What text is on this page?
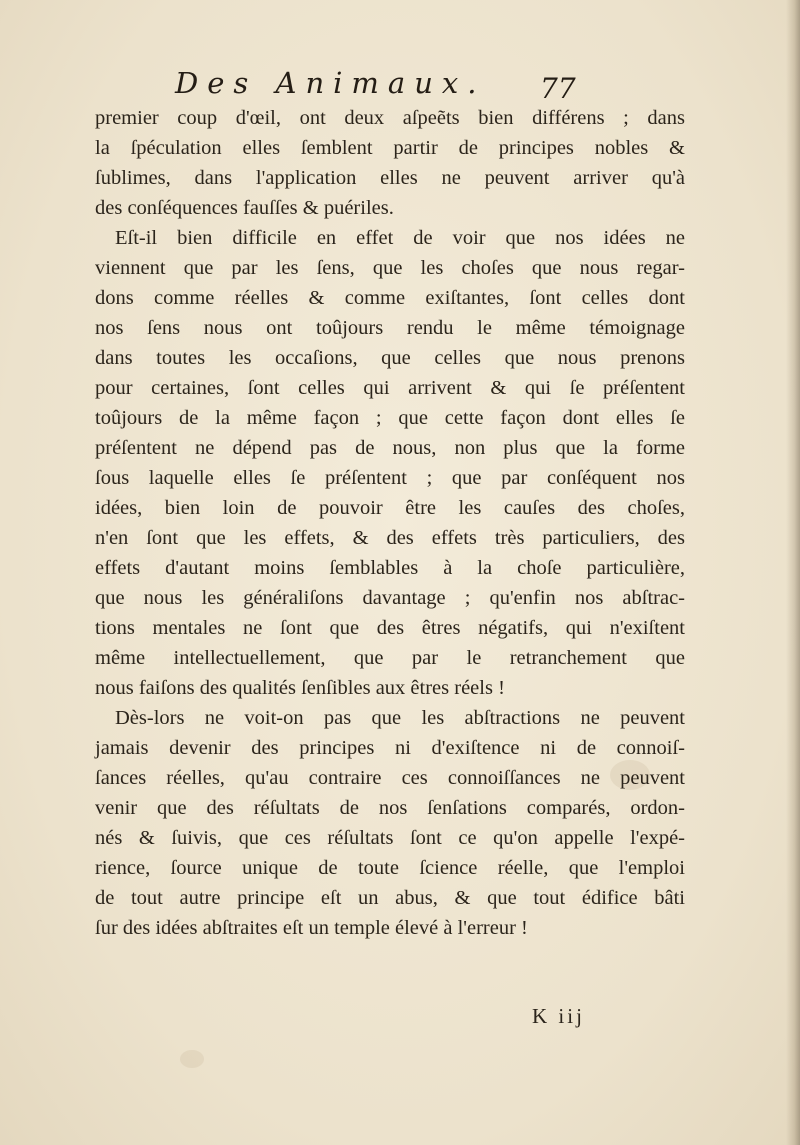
Des Animaux. 77
premier coup d'œil, ont deux aſpeẽts bien différens ; dans
la ſpéculation elles ſemblent partir de principes nobles &
ſublimes, dans l'application elles ne peuvent arriver qu'à
des conſéquences fauſſes & puériles.
Eſt-il bien difficile en effet de voir que nos idées ne
viennent que par les ſens, que les choſes que nous regar-
dons comme réelles & comme exiſtantes, ſont celles dont
nos ſens nous ont toûjours rendu le même témoignage
dans toutes les occaſions, que celles que nous prenons
pour certaines, ſont celles qui arrivent & qui ſe préſentent
toûjours de la même façon ; que cette façon dont elles ſe
préſentent ne dépend pas de nous, non plus que la forme
ſous laquelle elles ſe préſentent ; que par conſéquent nos
idées, bien loin de pouvoir être les cauſes des choſes,
n'en ſont que les effets, & des effets très particuliers, des
effets d'autant moins ſemblables à la choſe particulière,
que nous les généraliſons davantage ; qu'enfin nos abſtrac-
tions mentales ne ſont que des êtres négatifs, qui n'exiſtent
même intellectuellement, que par le retranchement que
nous faiſons des qualités ſenſibles aux êtres réels !
Dès-lors ne voit-on pas que les abſtractions ne peuvent
jamais devenir des principes ni d'exiſtence ni de connoiſ-
ſances réelles, qu'au contraire ces connoiſſances ne peuvent
venir que des réſultats de nos ſenſations comparés, ordon-
nés & ſuivis, que ces réſultats ſont ce qu'on appelle l'expé-
rience, ſource unique de toute ſcience réelle, que l'emploi
de tout autre principe eſt un abus, & que tout édifice bâti
ſur des idées abſtraites eſt un temple élevé à l'erreur !
K iij
